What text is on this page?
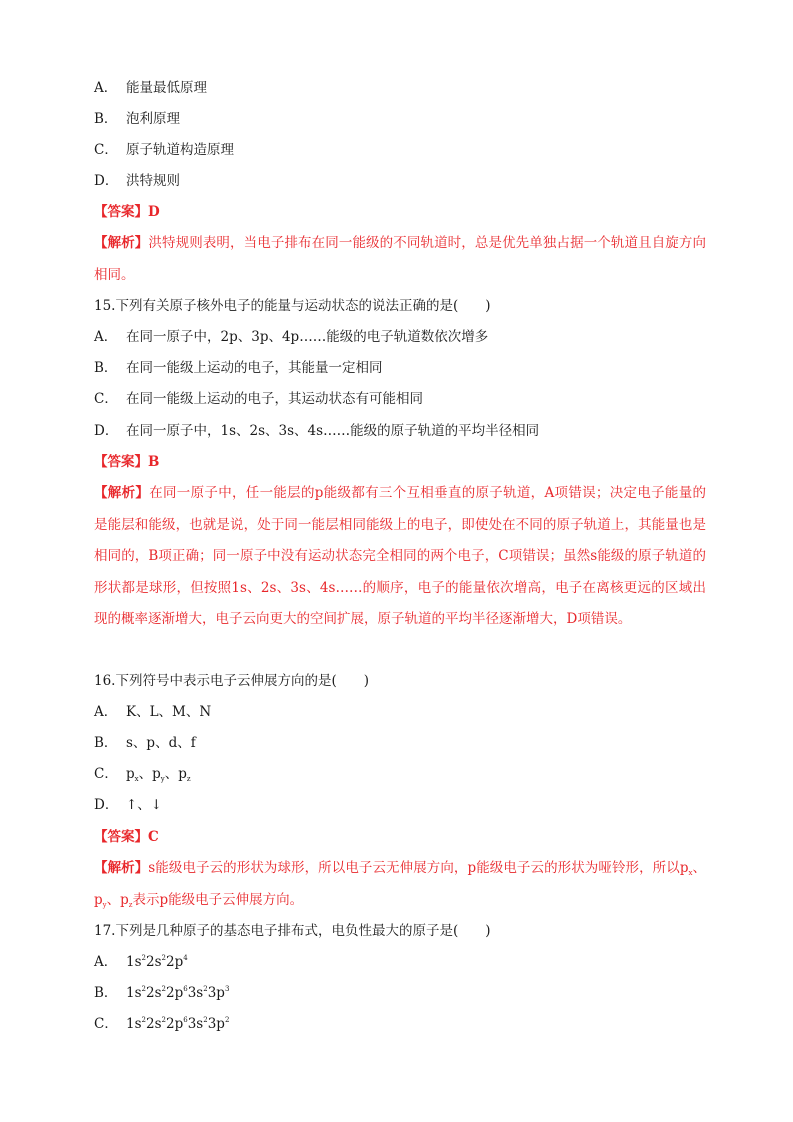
A． 能量最低原理
B． 泡利原理
C． 原子轨道构造原理
D． 洪特规则
【答案】D
【解析】洪特规则表明，当电子排布在同一能级的不同轨道时，总是优先单独占据一个轨道且自旋方向相同。
15.下列有关原子核外电子的能量与运动状态的说法正确的是(　　)
A． 在同一原子中，2p、3p、4p……能级的电子轨道数依次增多
B． 在同一能级上运动的电子，其能量一定相同
C． 在同一能级上运动的电子，其运动状态有可能相同
D． 在同一原子中，1s、2s、3s、4s……能级的原子轨道的平均半径相同
【答案】B
【解析】在同一原子中，任一能层的p能级都有三个互相垂直的原子轨道，A项错误；决定电子能量的是能层和能级，也就是说，处于同一能层相同能级上的电子，即使处在不同的原子轨道上，其能量也是相同的，B项正确；同一原子中没有运动状态完全相同的两个电子，C项错误；虽然s能级的原子轨道的形状都是球形，但按照1s、2s、3s、4s……的顺序，电子的能量依次增高，电子在离核更远的区域出现的概率逐渐增大，电子云向更大的空间扩展，原子轨道的平均半径逐渐增大，D项错误。
16.下列符号中表示电子云伸展方向的是(　　)
A． K、L、M、N
B． s、p、d、f
C． $p_x$、$p_y$、$p_z$
D． ↑、↓
【答案】C
【解析】s能级电子云的形状为球形，所以电子云无伸展方向，p能级电子云的形状为哑铃形，所以$p_x$、$p_y$、$p_z$表示p能级电子云伸展方向。
17.下列是几种原子的基态电子排布式，电负性最大的原子是(　　)
A． $1s^22s^22p^4$
B． $1s^22s^22p^63s^23p^3$
C． $1s^22s^22p^63s^23p^2$
